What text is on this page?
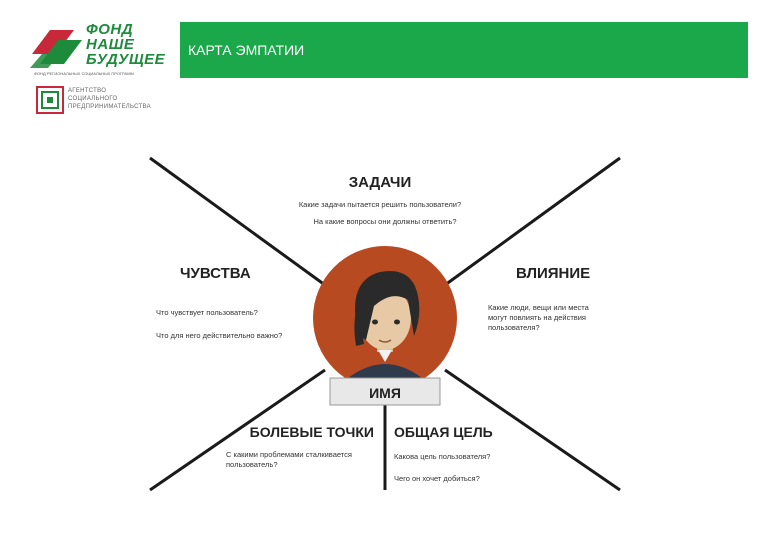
ФОНД
НАШЕ
БУДУЩЕЕ
ФОНД РЕГИОНАЛЬНЫХ СОЦИАЛЬНЫХ ПРОГРАММ
АГЕНТСТВО
СОЦИАЛЬНОГО
ПРЕДПРИНИМАТЕЛЬСТВА
КАРТА ЭМПАТИИ
ИМЯ
ЗАДАЧИ
Какие задачи пытается решить пользователи?
На какие вопросы они должны ответить?
ЧУВСТВА
Что чувствует пользователь?
Что для него действительно важно?
ВЛИЯНИЕ
Какие люди, вещи или места
могут повлиять на действия
пользователя?
БОЛЕВЫЕ ТОЧКИ
С какими проблемами сталкивается
пользователь?
ОБЩАЯ ЦЕЛЬ
Какова цель пользователя?
Чего он хочет добиться?
